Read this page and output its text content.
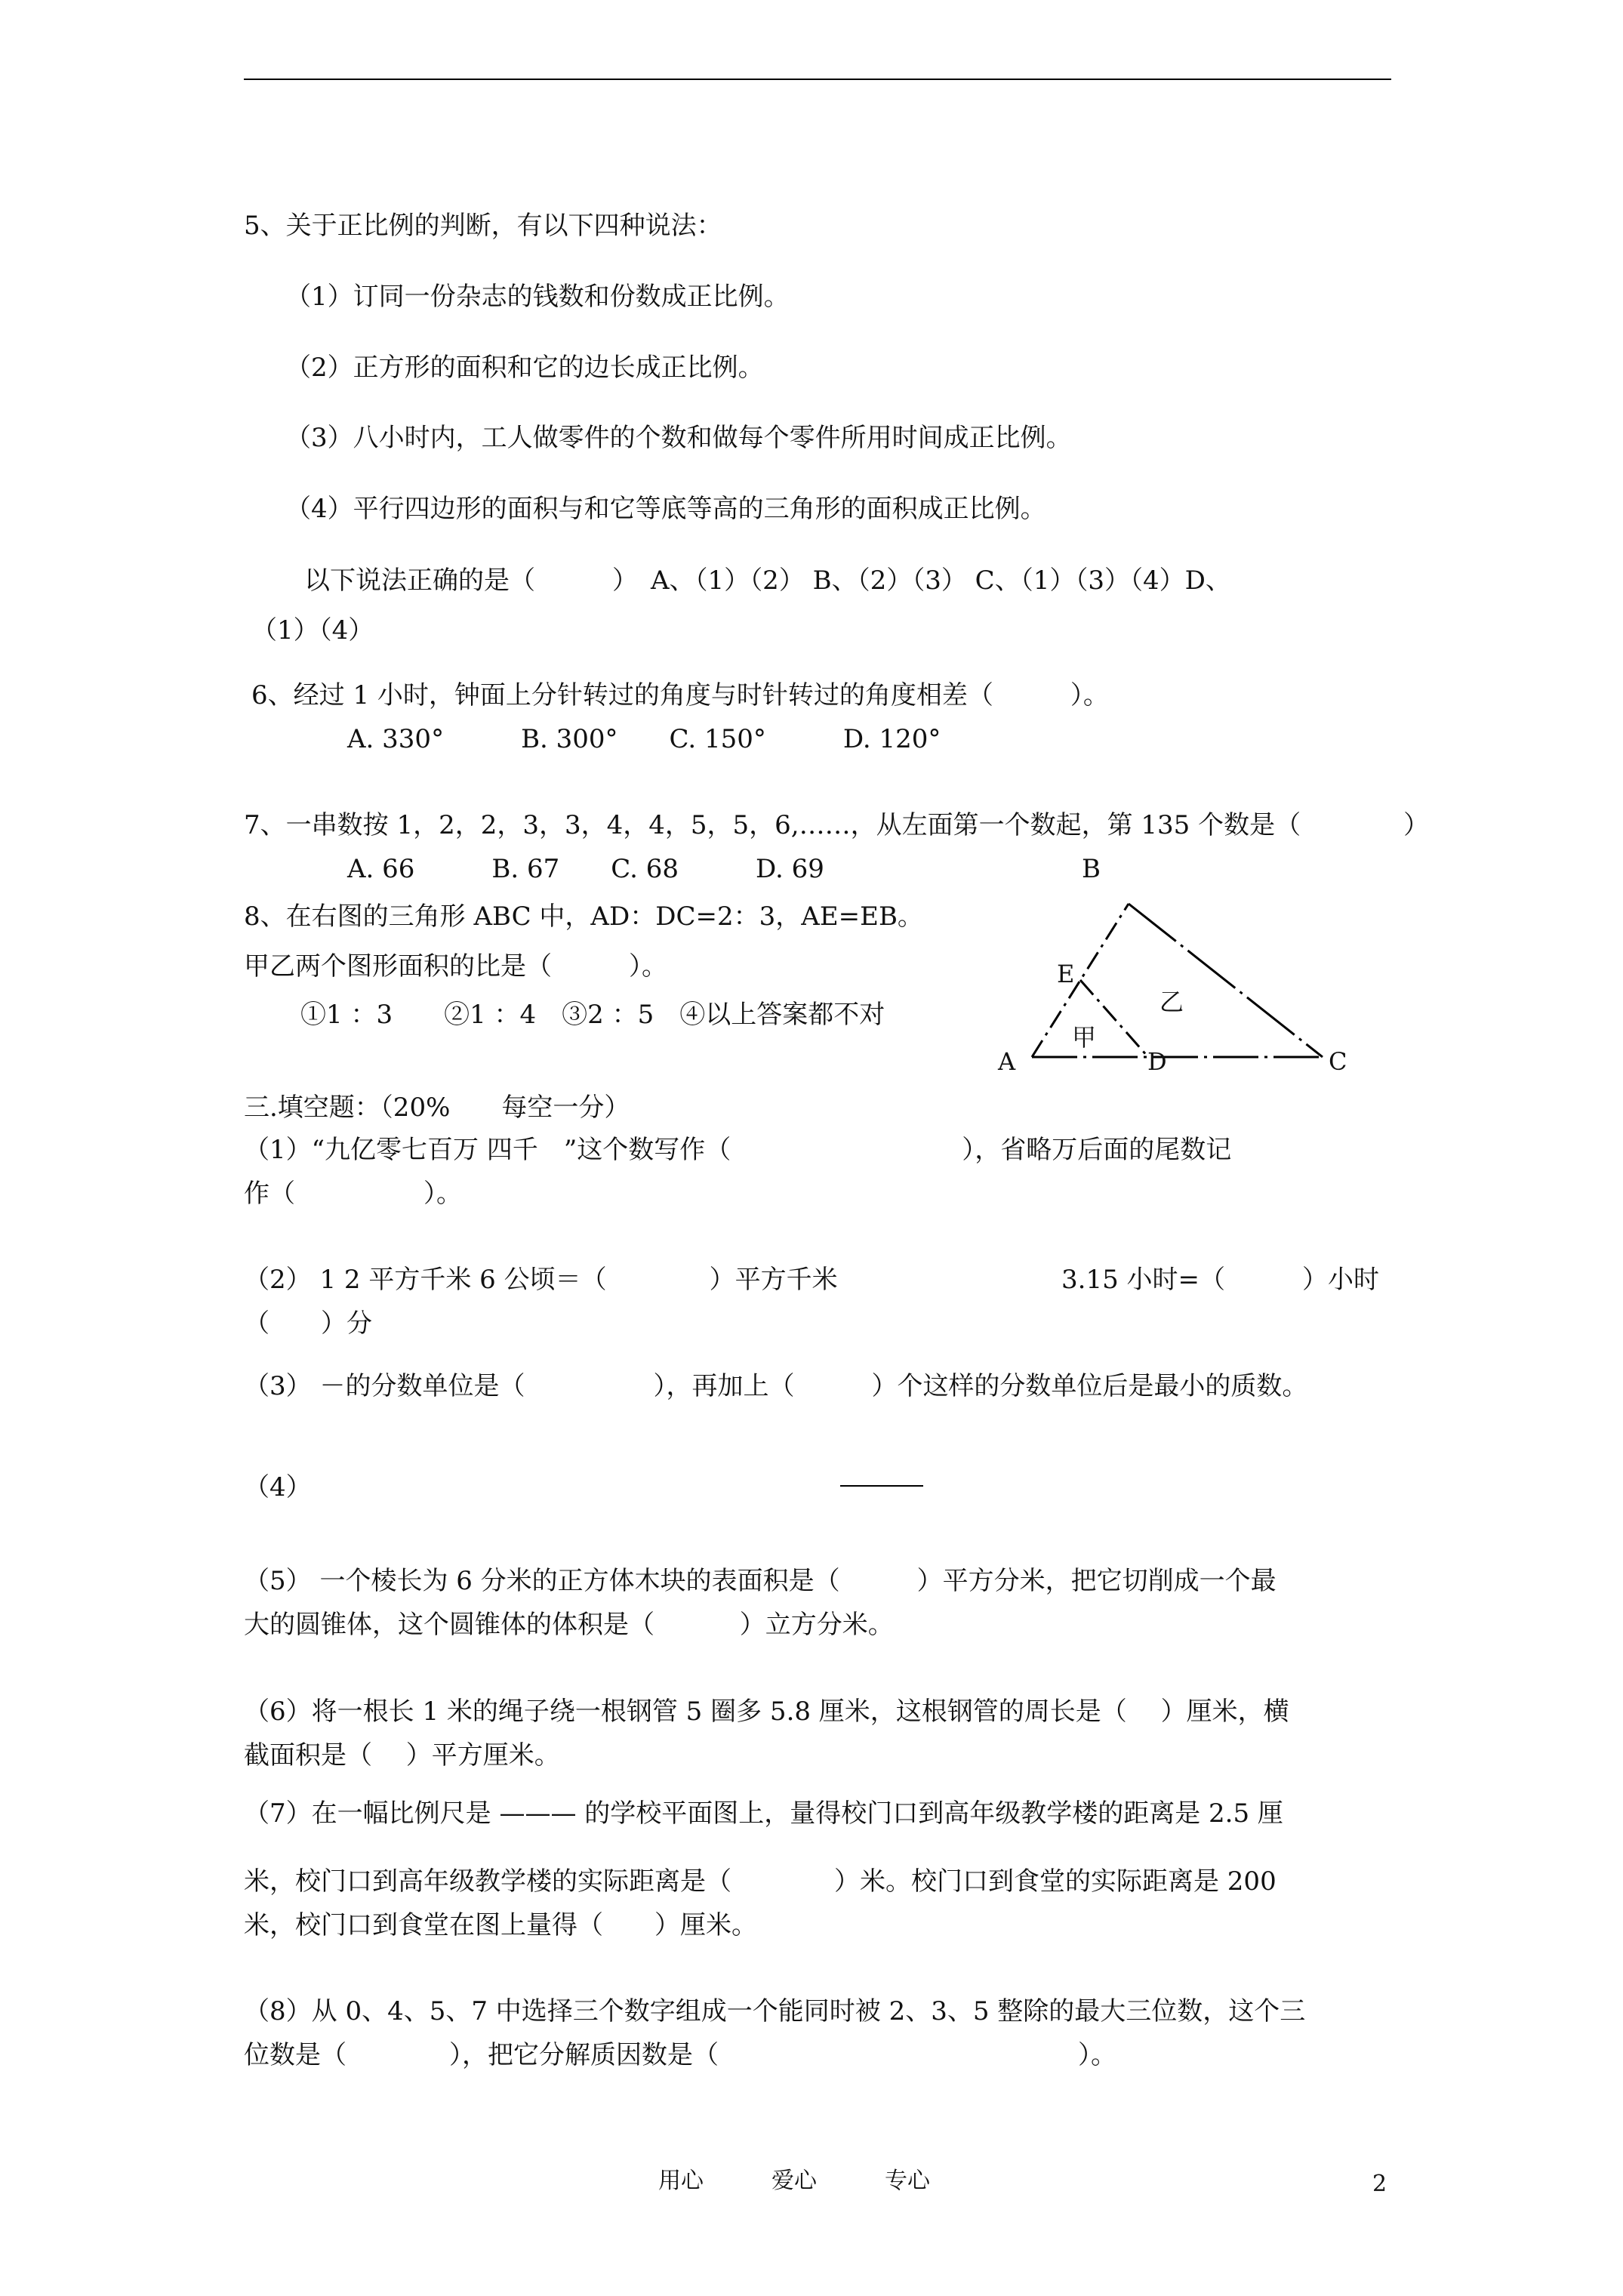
5、关于正比例的判断，有以下四种说法：
（1）订同一份杂志的钱数和份数成正比例。
（2）正方形的面积和它的边长成正比例。
（3）八小时内，工人做零件的个数和做每个零件所用时间成正比例。
（4）平行四边形的面积与和它等底等高的三角形的面积成正比例。
以下说法正确的是（　　　）　A、（1）（2） B、（2）（3） C、（1）（3）（4）D、
（1）（4）
6、经过 1 小时，钟面上分针转过的角度与时针转过的角度相差（　　　）。
A. 330°　　　B. 300°　　C. 150°　　　D. 120°
7、一串数按 1，2，2，3，3，4，4，5，5，6,……，从左面第一个数起，第 135 个数是（　　　　）
A. 66　　　B. 67　　C. 68　　　D. 69	B
8、在右图的三角形 ABC 中，AD：DC=2：3，AE=EB。
甲乙两个图形面积的比是（　　　）。
①1 ：3　　②1 ：4　③2 ：5　④以上答案都不对
E
A	D	C
甲
乙
三.填空题：（20%　　每空一分）
（1）“九亿零七百万 四千　”这个数写作（　　　　　　　　　），省略万后面的尾数记
作（　　　　　）。
（2） 1 2 平方千米 6 公顷＝（　　　　）平方千米	3.15 小时=（　　　）小时
（　　）分
（3） －的分数单位是（　　　　　），再加上（　　　）个这样的分数单位后是最小的质数。
（4）
（5） 一个棱长为 6 分米的正方体木块的表面积是（　　　）平方分米，把它切削成一个最
大的圆锥体，这个圆锥体的体积是（　　　 ）立方分米。
（6）将一根长 1 米的绳子绕一根钢管 5 圈多 5.8 厘米，这根钢管的周长是（　 ）厘米，横
截面积是（　 ）平方厘米。
（7）在一幅比例尺是 ——— 的学校平面图上，量得校门口到高年级教学楼的距离是 2.5 厘
米，校门口到高年级教学楼的实际距离是（　　　　）米。校门口到食堂的实际距离是 200
米，校门口到食堂在图上量得（　　）厘米。
（8）从 0、4、5、7 中选择三个数字组成一个能同时被 2、3、5 整除的最大三位数，这个三
位数是（　　　　），把它分解质因数是（　　　　　　　　　　　　　　）。
用心　　　爱心　　　专心	2
